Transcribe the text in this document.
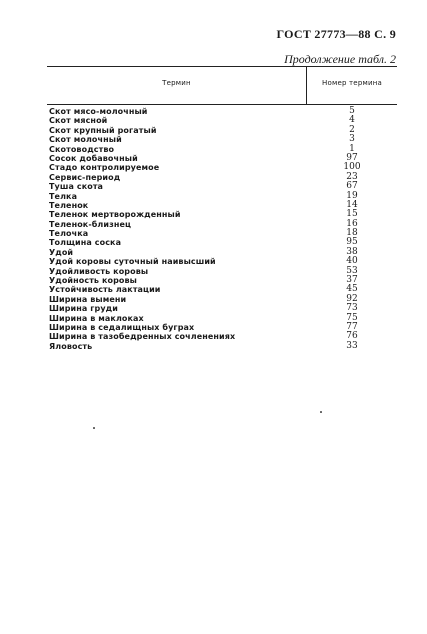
ГОСТ 27773—88 С. 9
Продолжение табл. 2
Термин	Номер термина
Скот мясо-молочный	5
Скот мясной	4
Скот крупный рогатый	2
Скот молочный	3
Скотоводство	1
Сосок добавочный	97
Стадо контролируемое	100
Сервис-период	23
Туша скота	67
Телка	19
Теленок	14
Теленок мертворожденный	15
Теленок-близнец	16
Телочка	18
Толщина соска	95
Удой	38
Удой коровы суточный наивысший	40
Удойливость коровы	53
Удойность коровы	37
Устойчивость лактации	45
Ширина вымени	92
Ширина груди	73
Ширина в маклоках	75
Ширина в седалищных буграх	77
Ширина в тазобедренных сочленениях	76
Яловость	33
